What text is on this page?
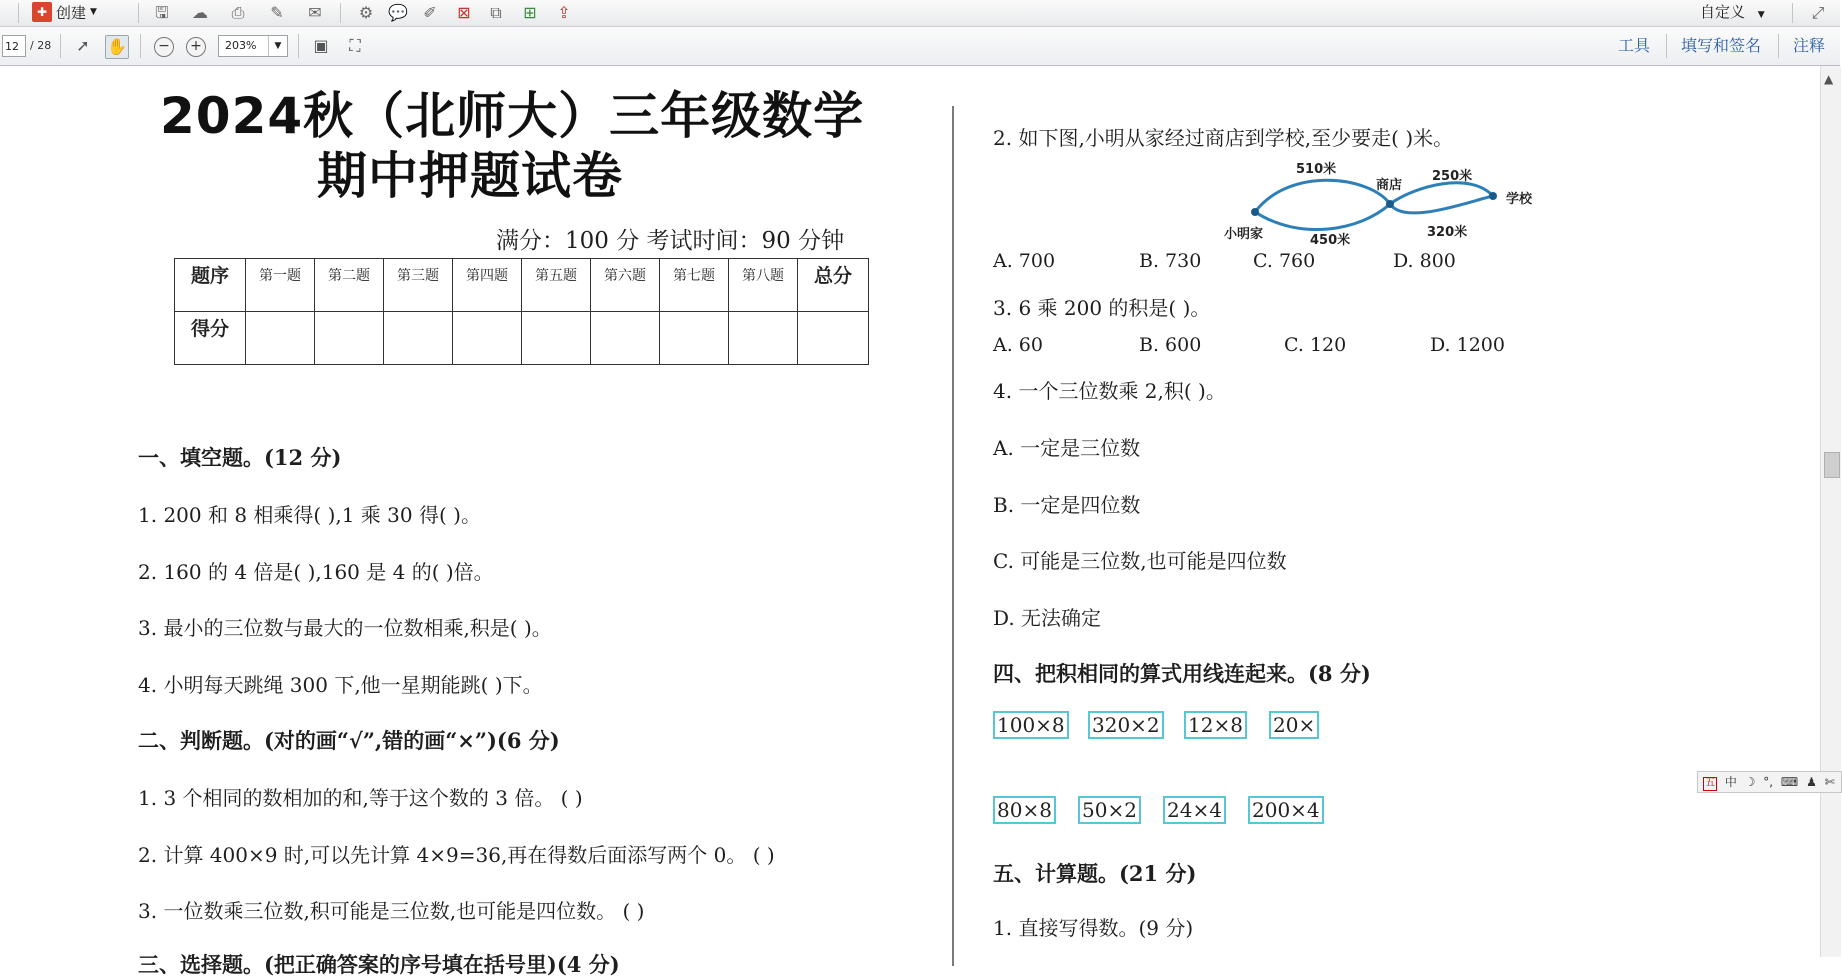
✚ 创建 ▼	🖫	☁	⎙	✎	✉	⚙ 💬 ✐	⊠	⧉	⊞	⇪	自定义 ▼	⤢
12	/ 28 ➚ ✋ − +	203%	▼	▣	⛶	工具 填写和签名 注释
2024秋（北师大）三年级数学
期中押题试卷
满分：100 分 考试时间：90 分钟
题序	第一题	第二题	第三题	第四题	第五题	第六题	第七题	第八题	总分
得分									
一、填空题。(12 分)
1. 200 和 8 相乘得( ),1 乘 30 得( )。
2. 160 的 4 倍是( ),160 是 4 的( )倍。
3. 最小的三位数与最大的一位数相乘,积是( )。
4. 小明每天跳绳 300 下,他一星期能跳( )下。
二、判断题。(对的画“√”,错的画“×”)(6 分)
1. 3 个相同的数相加的和,等于这个数的 3 倍。 ( )
2. 计算 400×9 时,可以先计算 4×9=36,再在得数后面添写两个 0。 ( )
3. 一位数乘三位数,积可能是三位数,也可能是四位数。 ( )
三、选择题。(把正确答案的序号填在括号里)(4 分)
2. 如下图,小明从家经过商店到学校,至少要走( )米。
小明家
商店
学校
510米
450米
250米
320米
A. 700	B. 730	C. 760	D. 800
3. 6 乘 200 的积是( )。
A. 60	B. 600	C. 120	D. 1200
4. 一个三位数乘 2,积( )。
A. 一定是三位数
B. 一定是四位数
C. 可能是三位数,也可能是四位数
D. 无法确定
四、把积相同的算式用线连起来。(8 分)
100×8 320×2 12×8 20×
80×8 50×2 24×4 200×4
五、计算题。(21 分)
1. 直接写得数。(9 分)
▲
五 中 ☽ °, ⌨ ♟ ✄
